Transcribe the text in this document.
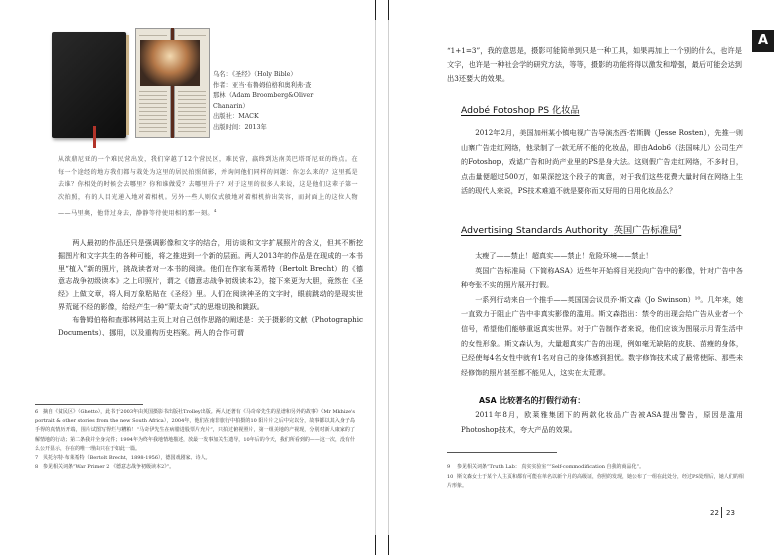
乌名：《圣经》（Holy Bible）
作者：亚当·布鲁姆伯格和奥利弗·查
那林（Adam Broomberg&Oliver
Chanarin）
出版社：MACK
出版时间：2013年
从欲鼎尼亚的一个难民营出发，我们穿越了12个营民区，难民营，羸终到达南美巴塔哥尼亚的终点。在每一个途经的地方我们都与栽处为这里的居民拍照留影，并询问他们同样的问题：你怎么来的？这里孤是去谁？你相处的时候会去哪里？你和谁做爱？去哪里升子？对于这里的很多人来说，这是他们这辈子第一次拍照，有的人目光递入地对着相机。另外一些人则仪式般地对着相机拚出笑容，而封面上的这位人物——马里奥，他背过身去，静静等待使用相的那一刻。$^4$

两人最初的作品还只是强调影像和文字的结合，用访谈和文字扩展照片的含义，但其不断挖掘图片和文字共生的各种可能，将之推进到一个新的层面。两人2013年的作品是在现成的一本书里“植入”新的照片，挑战读者对一本书的阅读。他们在作家布莱希特（Bertolt Brecht）的《德意志战争初级读本》之上印照片，谓之《德意志战争初级读本2》，接下来更为大胆，竟然在《圣经》上做文章，将人间万象粘贴在《圣经》里。人们在阅读神圣的文字时，眼前跳动的是现实世界荒诞不经的影像，给经产生一种“蒙太奇”式的思维切换和跳跃。

布鲁姆伯格和查那林网站主页上对自己创作思路的阐述是：关于摄影的文献（Photographic Documents）、挪用，以及重构历史档案。两人的合作可谓

6 摘自《贫民区》（Ghetto），此书于2003年由英国摄影书出版社Trolley出版。两人还著有《马奇帝先生的星谱和另外的故事》（Mr Mkhize's portrait & other stories from the new South Africa），2004年，他们在南非旅行中拍摄的10 阳片片之后中完以分，故事都以其入身子岛手得的真情历开端，围片试图写得烂与糟粕！“马奇伊先生在病腊进股票片充片”，只拍过俯视照片，第一组美地的产视现，分别对新人康家的了解情地的行动；第二条我并全身完件；1994年为终年我地情地描述，放最一发事加关生遗导，10年后的今天，我们所看到的——这一次，没有什么公开显示，存在的唯一理由只在于如此一篇。
7 贝托尔特·布莱希特（Bertolt Brecht，1898-1956），德国戏剧家、诗人。
8 参见相关词条“War Primer 2 《德意志战争初级读本2》”。
A
“1+1=3”，我的意思是，摄影可能简单到只是一种工具，如果再加上一个别的什么，也许是文字，也许是一种社会学的研究方法，等等，摄影的功能将得以激发和增强，最后可能会达到出3还要大的效果。
Adobé Fotoshop PS 化妆品

2012年2月，美国加州某小镇电视广告导演杰西·若斯腾（Jesse Rosten），先推一则山寨广告走红网络，他录制了一款无所不能的化妆品，即由Adob6（法国味儿）公司生产的Fotoshop，戏谑广告和时尚产业里的PS是身大法。这则假广告走红网络，不多时日，点击量便超过500万，如果深挖这个段子的寓意，对于我们这些花费大量时间在网络上生活的现代人来说，PS技术难道不就是要你而又好用的日用化妆品么？

Advertising Standards Authority 英国广告标准局$^9$

太瘦了——禁止！超真实——禁止！危险环境——禁止！

英国广告标准局（下简称ASA）近些年开始将目光投向广告中的影像，针对广告中各种夸张不实的照片展开打假。

一系列行动来自一个推手——英国国会议员乔·斯文森（Jo Swinson）¹⁰。几年来，她一直致力于阻止广告中非真实影像的滥用。斯文森指出：禁令的出现会给广告从业者一个信号，希望他们能够重返真实世界。对于广告制作者来说，他们应该为图展示月青生活中的女性形象。斯文森认为，大量超真实广告的出现，例如毫无缺陷的皮肤、苗瘦的身体，已经使每4名女性中就有1名对自己的身体感到担忧。数字修饰技术成了最常使际、那些未经修饰的照片甚至都不能见人，这实在太荒谬。

ASA 比较著名的打假行动有：

2011年8月，欧莱雅集团下的两款化妆品广告被ASA提出警告，原因是滥用Photoshop技术，夸大产品的效果。

9 参见相关词条“Truth Lab： 真实实验室”“Self-commodification 自我的商品化”。
10 斯文森女士于某个人主页和都有可能在单名以新个月的高级证，你照的发现，她公布了一组在此处分，经过PS处理后，她人们的相片形象。
22 23
